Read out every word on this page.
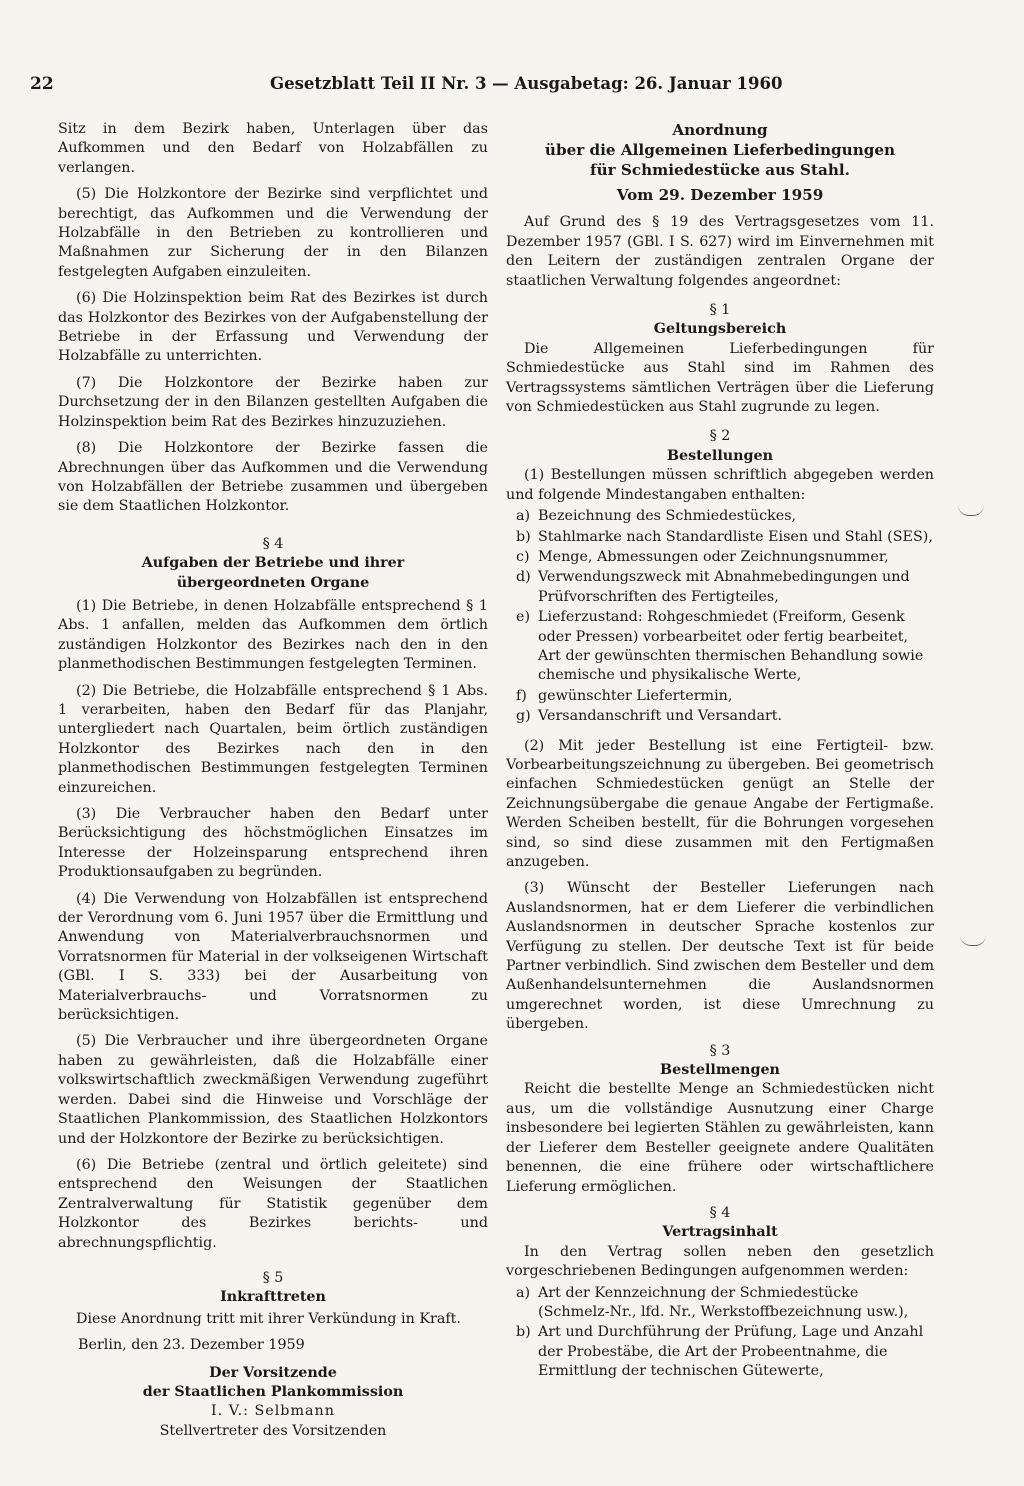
22	Gesetzblatt Teil II Nr. 3 — Ausgabetag: 26. Januar 1960

Sitz in dem Bezirk haben, Unterlagen über das Aufkommen und den Bedarf von Holzabfällen zu verlangen.

(5) Die Holzkontore der Bezirke sind verpflichtet und berechtigt, das Aufkommen und die Verwendung der Holzabfälle in den Betrieben zu kontrollieren und Maßnahmen zur Sicherung der in den Bilanzen festgelegten Aufgaben einzuleiten.

(6) Die Holzinspektion beim Rat des Bezirkes ist durch das Holzkontor des Bezirkes von der Aufgabenstellung der Betriebe in der Erfassung und Verwendung der Holzabfälle zu unterrichten.

(7) Die Holzkontore der Bezirke haben zur Durchsetzung der in den Bilanzen gestellten Aufgaben die Holzinspektion beim Rat des Bezirkes hinzuzuziehen.

(8) Die Holzkontore der Bezirke fassen die Abrechnungen über das Aufkommen und die Verwendung von Holzabfällen der Betriebe zusammen und übergeben sie dem Staatlichen Holzkontor.

§ 4

Aufgaben der Betriebe und ihrer übergeordneten Organe

(1) Die Betriebe, in denen Holzabfälle entsprechend § 1 Abs. 1 anfallen, melden das Aufkommen dem örtlich zuständigen Holzkontor des Bezirkes nach den in den planmethodischen Bestimmungen festgelegten Terminen.

(2) Die Betriebe, die Holzabfälle entsprechend § 1 Abs. 1 verarbeiten, haben den Bedarf für das Planjahr, untergliedert nach Quartalen, beim örtlich zuständigen Holzkontor des Bezirkes nach den in den planmethodischen Bestimmungen festgelegten Terminen einzureichen.

(3) Die Verbraucher haben den Bedarf unter Berücksichtigung des höchstmöglichen Einsatzes im Interesse der Holzeinsparung entsprechend ihren Produktionsaufgaben zu begründen.

(4) Die Verwendung von Holzabfällen ist entsprechend der Verordnung vom 6. Juni 1957 über die Ermittlung und Anwendung von Materialverbrauchsnormen und Vorratsnormen für Material in der volkseigenen Wirtschaft (GBl. I S. 333) bei der Ausarbeitung von Materialverbrauchs- und Vorratsnormen zu berücksichtigen.

(5) Die Verbraucher und ihre übergeordneten Organe haben zu gewährleisten, daß die Holzabfälle einer volkswirtschaftlich zweckmäßigen Verwendung zugeführt werden. Dabei sind die Hinweise und Vorschläge der Staatlichen Plankommission, des Staatlichen Holzkontors und der Holzkontore der Bezirke zu berücksichtigen.

(6) Die Betriebe (zentral und örtlich geleitete) sind entsprechend den Weisungen der Staatlichen Zentralverwaltung für Statistik gegenüber dem Holzkontor des Bezirkes berichts- und abrechnungspflichtig.

§ 5

Inkrafttreten

Diese Anordnung tritt mit ihrer Verkündung in Kraft.

Berlin, den 23. Dezember 1959

Der Vorsitzende

der Staatlichen Plankommission

I. V.: Selbmann

Stellvertreter des Vorsitzenden

Anordnung

über die Allgemeinen Lieferbedingungen

für Schmiedestücke aus Stahl.

Vom 29. Dezember 1959

Auf Grund des § 19 des Vertragsgesetzes vom 11. Dezember 1957 (GBl. I S. 627) wird im Einvernehmen mit den Leitern der zuständigen zentralen Organe der staatlichen Verwaltung folgendes angeordnet:

§ 1

Geltungsbereich

Die Allgemeinen Lieferbedingungen für Schmiedestücke aus Stahl sind im Rahmen des Vertragssystems sämtlichen Verträgen über die Lieferung von Schmiedestücken aus Stahl zugrunde zu legen.

§ 2

Bestellungen

(1) Bestellungen müssen schriftlich abgegeben werden und folgende Mindestangaben enthalten:

a) Bezeichnung des Schmiedestückes,
b) Stahlmarke nach Standardliste Eisen und Stahl (SES),
c) Menge, Abmessungen oder Zeichnungsnummer,
d) Verwendungszweck mit Abnahmebedingungen und Prüfvorschriften des Fertigteiles,
e) Lieferzustand: Rohgeschmiedet (Freiform, Gesenk oder Pressen) vorbearbeitet oder fertig bearbeitet, Art der gewünschten thermischen Behandlung sowie chemische und physikalische Werte,
f) gewünschter Liefertermin,
g) Versandanschrift und Versandart.

(2) Mit jeder Bestellung ist eine Fertigteil- bzw. Vorbearbeitungszeichnung zu übergeben. Bei geometrisch einfachen Schmiedestücken genügt an Stelle der Zeichnungsübergabe die genaue Angabe der Fertigmaße. Werden Scheiben bestellt, für die Bohrungen vorgesehen sind, so sind diese zusammen mit den Fertigmaßen anzugeben.

(3) Wünscht der Besteller Lieferungen nach Auslandsnormen, hat er dem Lieferer die verbindlichen Auslandsnormen in deutscher Sprache kostenlos zur Verfügung zu stellen. Der deutsche Text ist für beide Partner verbindlich. Sind zwischen dem Besteller und dem Außenhandelsunternehmen die Auslandsnormen umgerechnet worden, ist diese Umrechnung zu übergeben.

§ 3

Bestellmengen

Reicht die bestellte Menge an Schmiedestücken nicht aus, um die vollständige Ausnutzung einer Charge insbesondere bei legierten Stählen zu gewährleisten, kann der Lieferer dem Besteller geeignete andere Qualitäten benennen, die eine frühere oder wirtschaftlichere Lieferung ermöglichen.

§ 4

Vertragsinhalt

In den Vertrag sollen neben den gesetzlich vorgeschriebenen Bedingungen aufgenommen werden:

a) Art der Kennzeichnung der Schmiedestücke (Schmelz-Nr., lfd. Nr., Werkstoffbezeichnung usw.),
b) Art und Durchführung der Prüfung, Lage und Anzahl der Probestäbe, die Art der Probeentnahme, die Ermittlung der technischen Gütewerte,
